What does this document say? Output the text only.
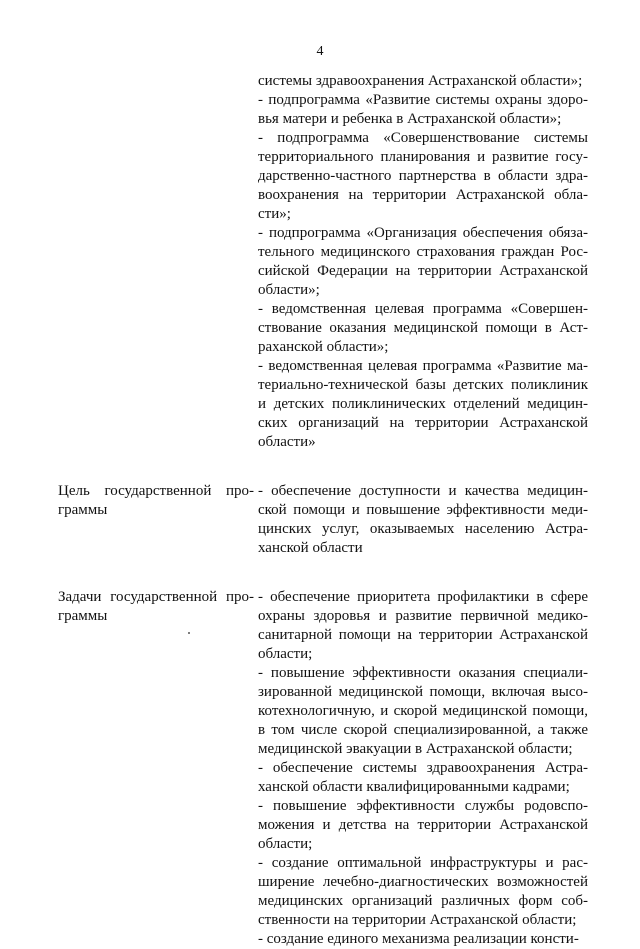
4
системы здравоохранения Астраханской области»;
- подпрограмма «Развитие системы охраны здоро-
вья матери и ребенка в Астраханской области»;
- подпрограмма «Совершенствование системы
территориального планирования и развитие госу-
дарственно-частного партнерства в области здра-
воохранения на территории Астраханской обла-
сти»;
- подпрограмма «Организация обеспечения обяза-
тельного медицинского страхования граждан Рос-
сийской Федерации на территории Астраханской
области»;
- ведомственная целевая программа «Совершен-
ствование оказания медицинской помощи в Аст-
раханской области»;
- ведомственная целевая программа «Развитие ма-
териально-технической базы детских поликлиник
и детских поликлинических отделений медицин-
ских организаций на территории Астраханской
области»
Цель государственной про-
граммы
- обеспечение доступности и качества медицин-
ской помощи и повышение эффективности меди-
цинских услуг, оказываемых населению Астра-
ханской области
Задачи государственной про-
граммы
- обеспечение приоритета профилактики в сфере
охраны здоровья и развитие первичной медико-
санитарной помощи на территории Астраханской
области;
- повышение эффективности оказания специали-
зированной медицинской помощи, включая высо-
котехнологичную, и скорой медицинской помощи,
в том числе скорой специализированной, а также
медицинской эвакуации в Астраханской области;
- обеспечение системы здравоохранения Астра-
ханской области квалифицированными кадрами;
- повышение эффективности службы родовспо-
можения и детства на территории Астраханской
области;
- создание оптимальной инфраструктуры и рас-
ширение лечебно-диагностических возможностей
медицинских организаций различных форм соб-
ственности на территории Астраханской области;
- создание единого механизма реализации консти-
